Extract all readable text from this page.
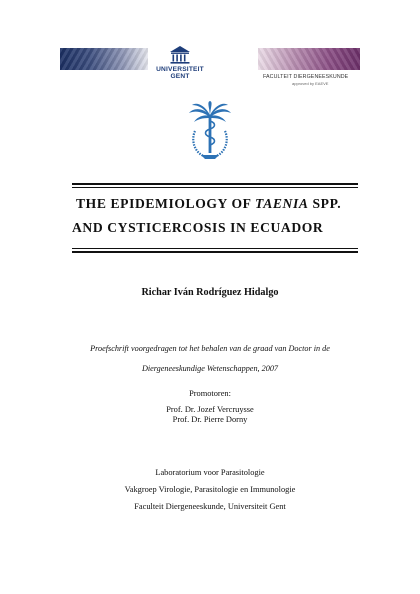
UNIVERSITEIT
GENT	FACULTEIT DIERGENEESKUNDE
approved by EAEVE
THE EPIDEMIOLOGY OF TAENIA SPP.
AND CYSTICERCOSIS IN ECUADOR
Richar Iván Rodríguez Hidalgo
Proefschrift voorgedragen tot het behalen van de graad van Doctor in de
Diergeneeskundige Wetenschappen, 2007
Promotoren:
Prof. Dr. Jozef Vercruysse
Prof. Dr. Pierre Dorny
Laboratorium voor Parasitologie
Vakgroep Virologie, Parasitologie en Immunologie
Faculteit Diergeneeskunde, Universiteit Gent
